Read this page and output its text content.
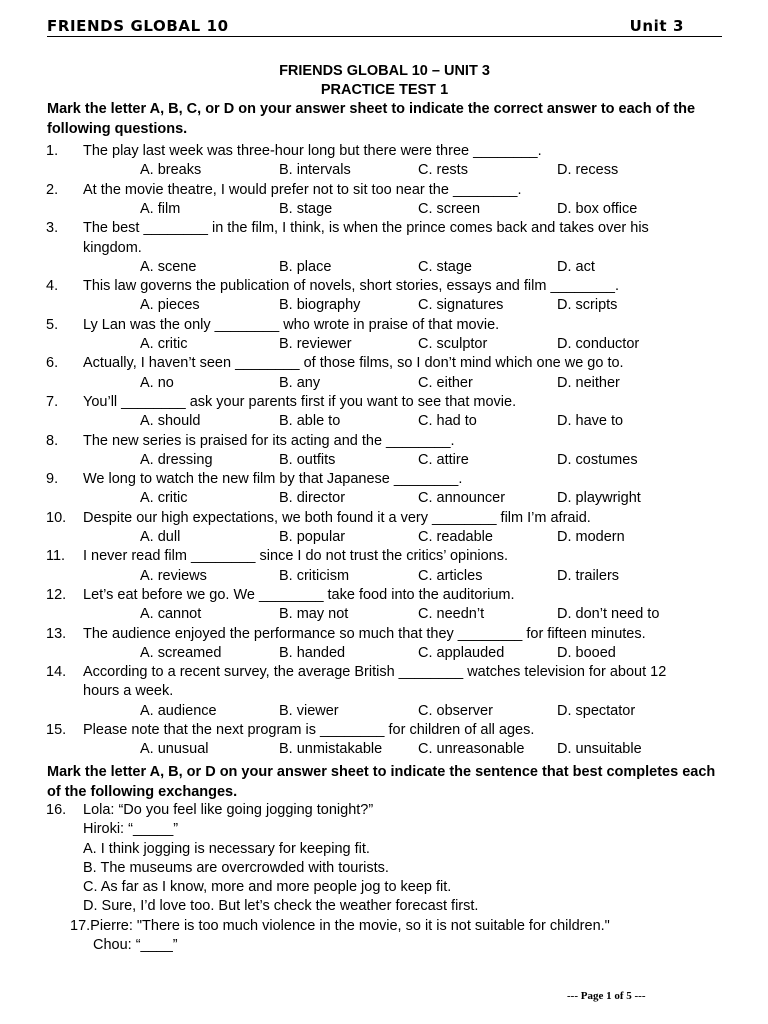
FRIENDS GLOBAL 10	Unit 3
FRIENDS GLOBAL 10 – UNIT 3
PRACTICE TEST 1
Mark the letter A, B, C, or D on your answer sheet to indicate the correct answer to each of the following questions.
1. The play last week was three-hour long but there were three ________.
A. breaks	B. intervals	C. rests	D. recess
2. At the movie theatre, I would prefer not to sit too near the ________.
A. film	B. stage	C. screen	D. box office
3. The best ________ in the film, I think, is when the prince comes back and takes over his
kingdom.
A. scene	B. place	C. stage	D. act
4. This law governs the publication of novels, short stories, essays and film ________.
A. pieces	B. biography	C. signatures	D. scripts
5. Ly Lan was the only ________ who wrote in praise of that movie.
A. critic	B. reviewer	C. sculptor	D. conductor
6. Actually, I haven’t seen ________ of those films, so I don’t mind which one we go to.
A. no	B. any	C. either	D. neither
7. You’ll ________ ask your parents first if you want to see that movie.
A. should	B. able to	C. had to	D. have to
8. The new series is praised for its acting and the ________.
A. dressing	B. outfits	C. attire	D. costumes
9. We long to watch the new film by that Japanese ________.
A. critic	B. director	C. announcer	D. playwright
10. Despite our high expectations, we both found it a very ________ film I’m afraid.
A. dull	B. popular	C. readable	D. modern
11. I never read film ________ since I do not trust the critics’ opinions.
A. reviews	B. criticism	C. articles	D. trailers
12. Let’s eat before we go. We ________ take food into the auditorium.
A. cannot	B. may not	C. needn’t	D. don’t need to
13. The audience enjoyed the performance so much that they ________ for fifteen minutes.
A. screamed	B. handed	C. applauded	D. booed
14. According to a recent survey, the average British ________ watches television for about 12
hours a week.
A. audience	B. viewer	C. observer	D. spectator
15. Please note that the next program is ________ for children of all ages.
A. unusual	B. unmistakable C. unreasonable D. unsuitable
Mark the letter A, B, or D on your answer sheet to indicate the sentence that best completes each of the following exchanges.
16. Lola: “Do you feel like going jogging tonight?”
Hiroki: “_____”
A. I think jogging is necessary for keeping fit.
B. The museums are overcrowded with tourists.
C. As far as I know, more and more people jog to keep fit.
D. Sure, I’d love too. But let’s check the weather forecast first.
17.Pierre: "There is too much violence in the movie, so it is not suitable for children."
Chou: “____”
--- Page 1 of 5 ---
